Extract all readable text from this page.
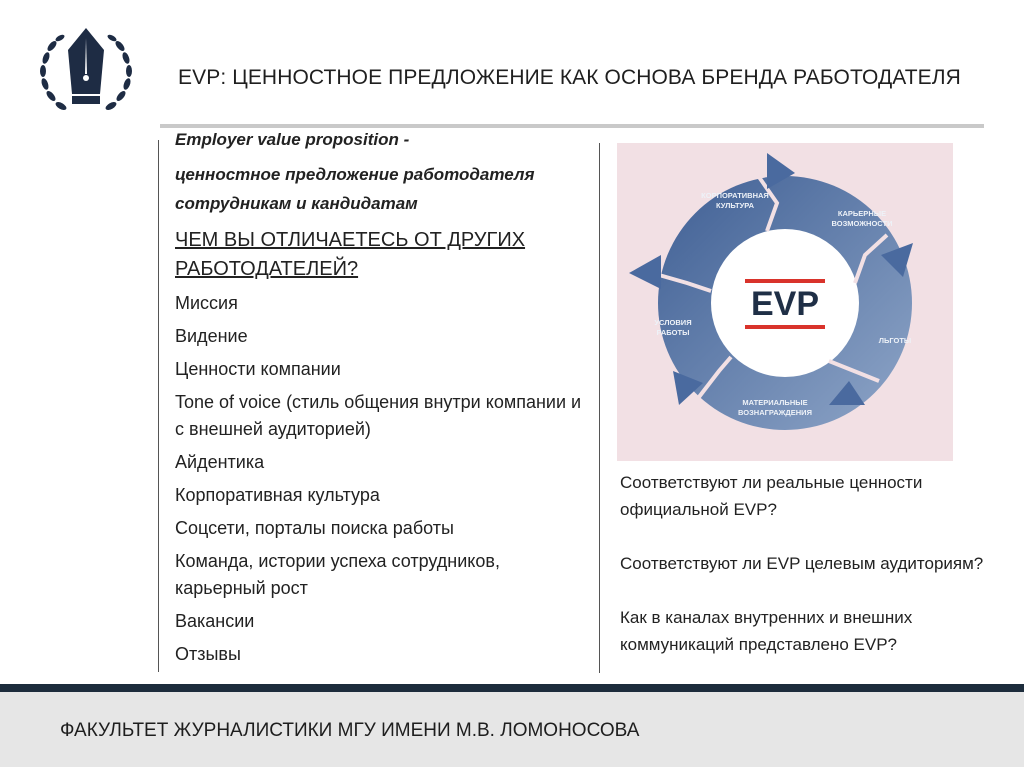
EVP: ЦЕННОСТНОЕ ПРЕДЛОЖЕНИЕ КАК ОСНОВА БРЕНДА РАБОТОДАТЕЛЯ
Employer value proposition -
ценностное предложение работодателя сотрудникам и кандидатам
ЧЕМ ВЫ ОТЛИЧАЕТЕСЬ ОТ ДРУГИХ РАБОТОДАТЕЛЕЙ?
Миссия
Видение
Ценности компании
Tone of voice (стиль общения внутри компании и с внешней аудиторией)
Айдентика
Корпоративная культура
Соцсети, порталы поиска работы
Команда, истории успеха сотрудников, карьерный рост
Вакансии
Отзывы
КОРПОРАТИВНАЯ КУЛЬТУРА
КАРЬЕРНЫЕ ВОЗМОЖНОСТИ
ЛЬГОТЫ
МАТЕРИАЛЬНЫЕ ВОЗНАГРАЖДЕНИЯ
УСЛОВИЯ РАБОТЫ
EVP
Соответствуют ли реальные ценности официальной EVP?
Соответствуют ли EVP целевым аудиториям?
Как в каналах внутренних и внешних коммуникаций представлено EVP?
ФАКУЛЬТЕТ ЖУРНАЛИСТИКИ МГУ ИМЕНИ М.В. ЛОМОНОСОВА
